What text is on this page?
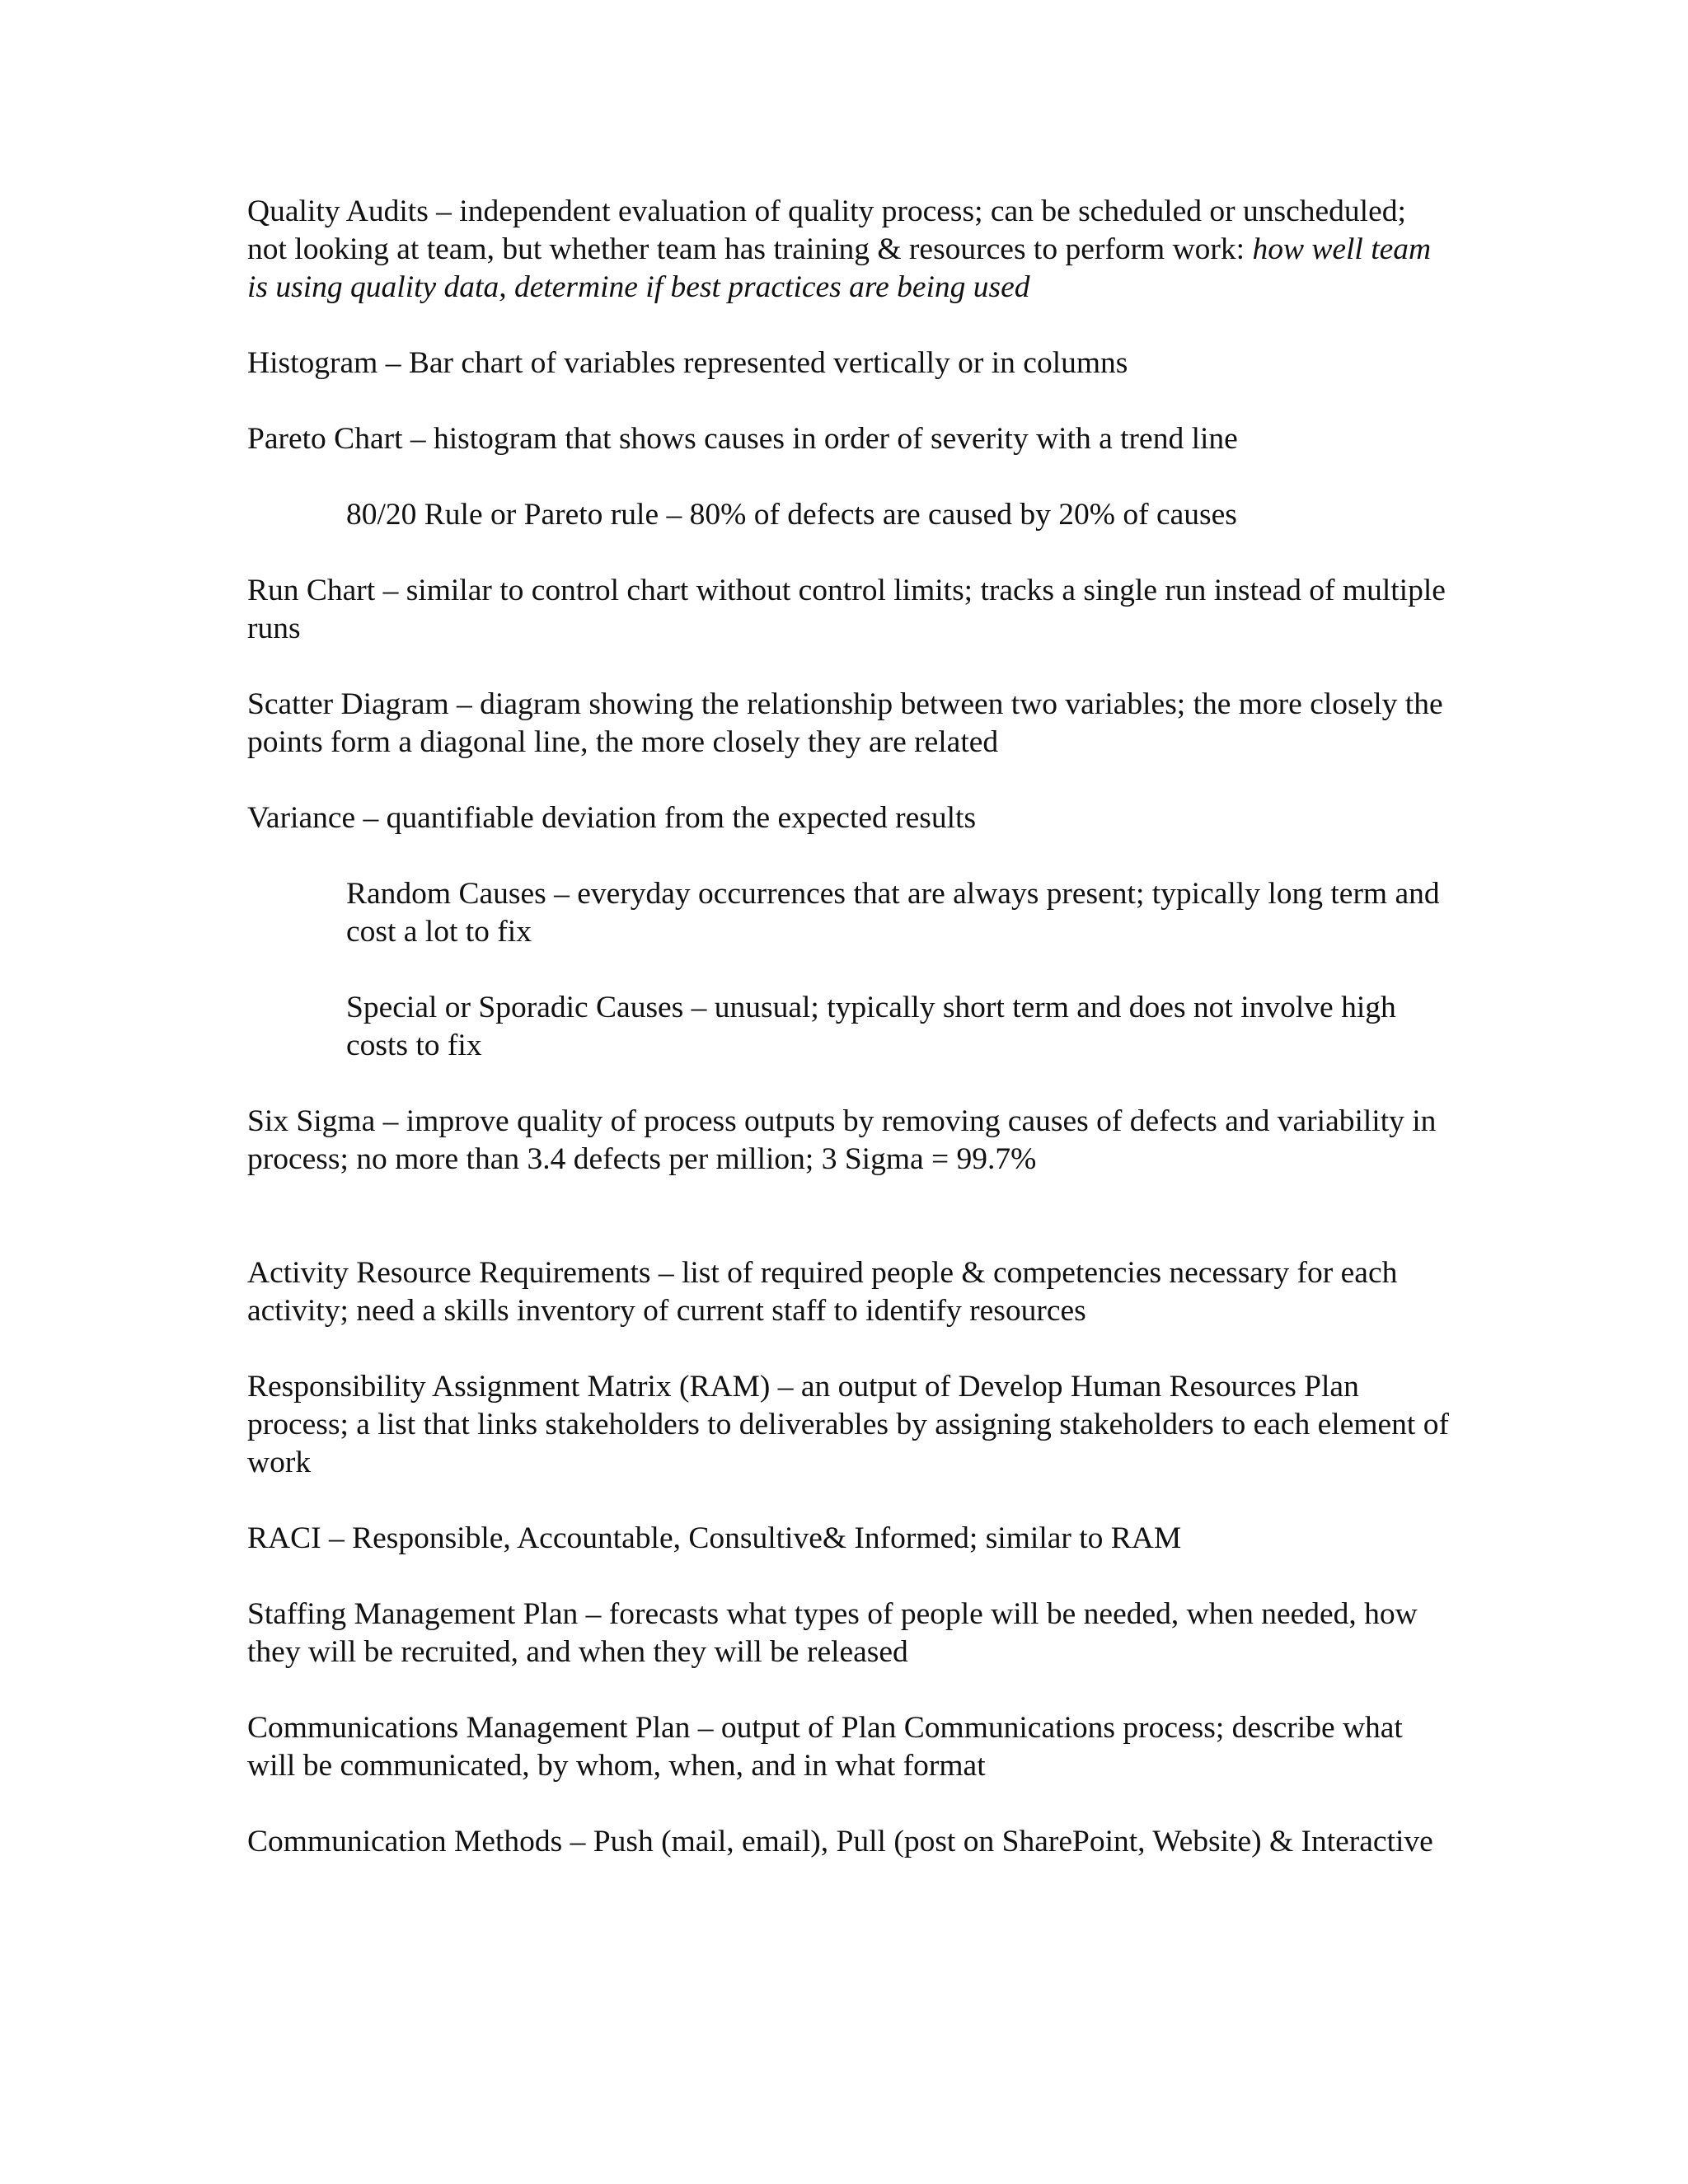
Quality Audits – independent evaluation of quality process; can be scheduled or unscheduled; not looking at team, but whether team has training & resources to perform work: how well team is using quality data, determine if best practices are being used

Histogram – Bar chart of variables represented vertically or in columns

Pareto Chart – histogram that shows causes in order of severity with a trend line

80/20 Rule or Pareto rule – 80% of defects are caused by 20% of causes

Run Chart – similar to control chart without control limits; tracks a single run instead of multiple runs

Scatter Diagram – diagram showing the relationship between two variables; the more closely the points form a diagonal line, the more closely they are related

Variance – quantifiable deviation from the expected results

Random Causes – everyday occurrences that are always present; typically long term and cost a lot to fix

Special or Sporadic Causes – unusual; typically short term and does not involve high costs to fix

Six Sigma – improve quality of process outputs by removing causes of defects and variability in process; no more than 3.4 defects per million; 3 Sigma = 99.7%

Activity Resource Requirements – list of required people & competencies necessary for each activity; need a skills inventory of current staff to identify resources

Responsibility Assignment Matrix (RAM) – an output of Develop Human Resources Plan process; a list that links stakeholders to deliverables by assigning stakeholders to each element of work

RACI – Responsible, Accountable, Consultive& Informed; similar to RAM

Staffing Management Plan – forecasts what types of people will be needed, when needed, how they will be recruited, and when they will be released

Communications Management Plan – output of Plan Communications process; describe what will be communicated, by whom, when, and in what format

Communication Methods – Push (mail, email), Pull (post on SharePoint, Website) & Interactive
